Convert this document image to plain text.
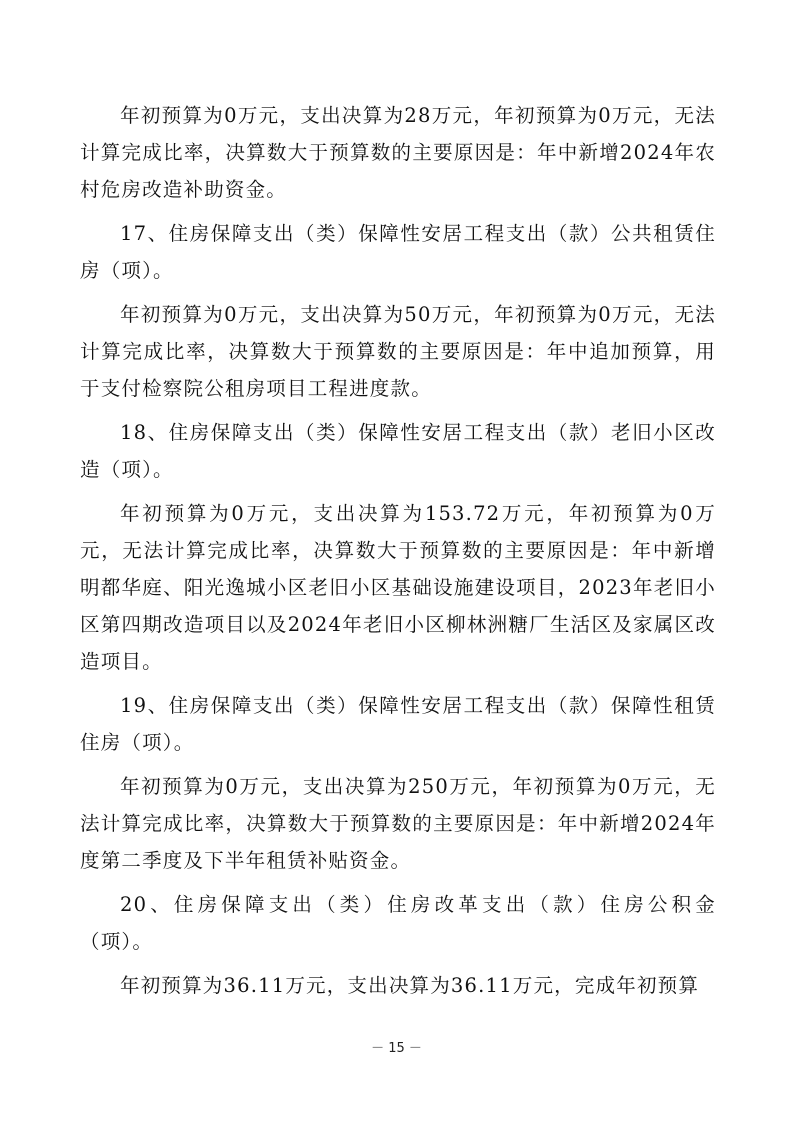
年初预算为0万元，支出决算为28万元，年初预算为0万元，无法计算完成比率，决算数大于预算数的主要原因是：年中新增2024年农村危房改造补助资金。

17、住房保障支出（类）保障性安居工程支出（款）公共租赁住房（项）。

年初预算为0万元，支出决算为50万元，年初预算为0万元，无法计算完成比率，决算数大于预算数的主要原因是：年中追加预算，用于支付检察院公租房项目工程进度款。

18、住房保障支出（类）保障性安居工程支出（款）老旧小区改造（项）。

年初预算为0万元，支出决算为153.72万元，年初预算为0万元，无法计算完成比率，决算数大于预算数的主要原因是：年中新增明都华庭、阳光逸城小区老旧小区基础设施建设项目，2023年老旧小区第四期改造项目以及2024年老旧小区柳林洲糖厂生活区及家属区改造项目。

19、住房保障支出（类）保障性安居工程支出（款）保障性租赁住房（项）。

年初预算为0万元，支出决算为250万元，年初预算为0万元，无法计算完成比率，决算数大于预算数的主要原因是：年中新增2024年度第二季度及下半年租赁补贴资金。

20、住房保障支出（类）住房改革支出（款）住房公积金（项）。

年初预算为36.11万元，支出决算为36.11万元，完成年初预算

－ 15 －
